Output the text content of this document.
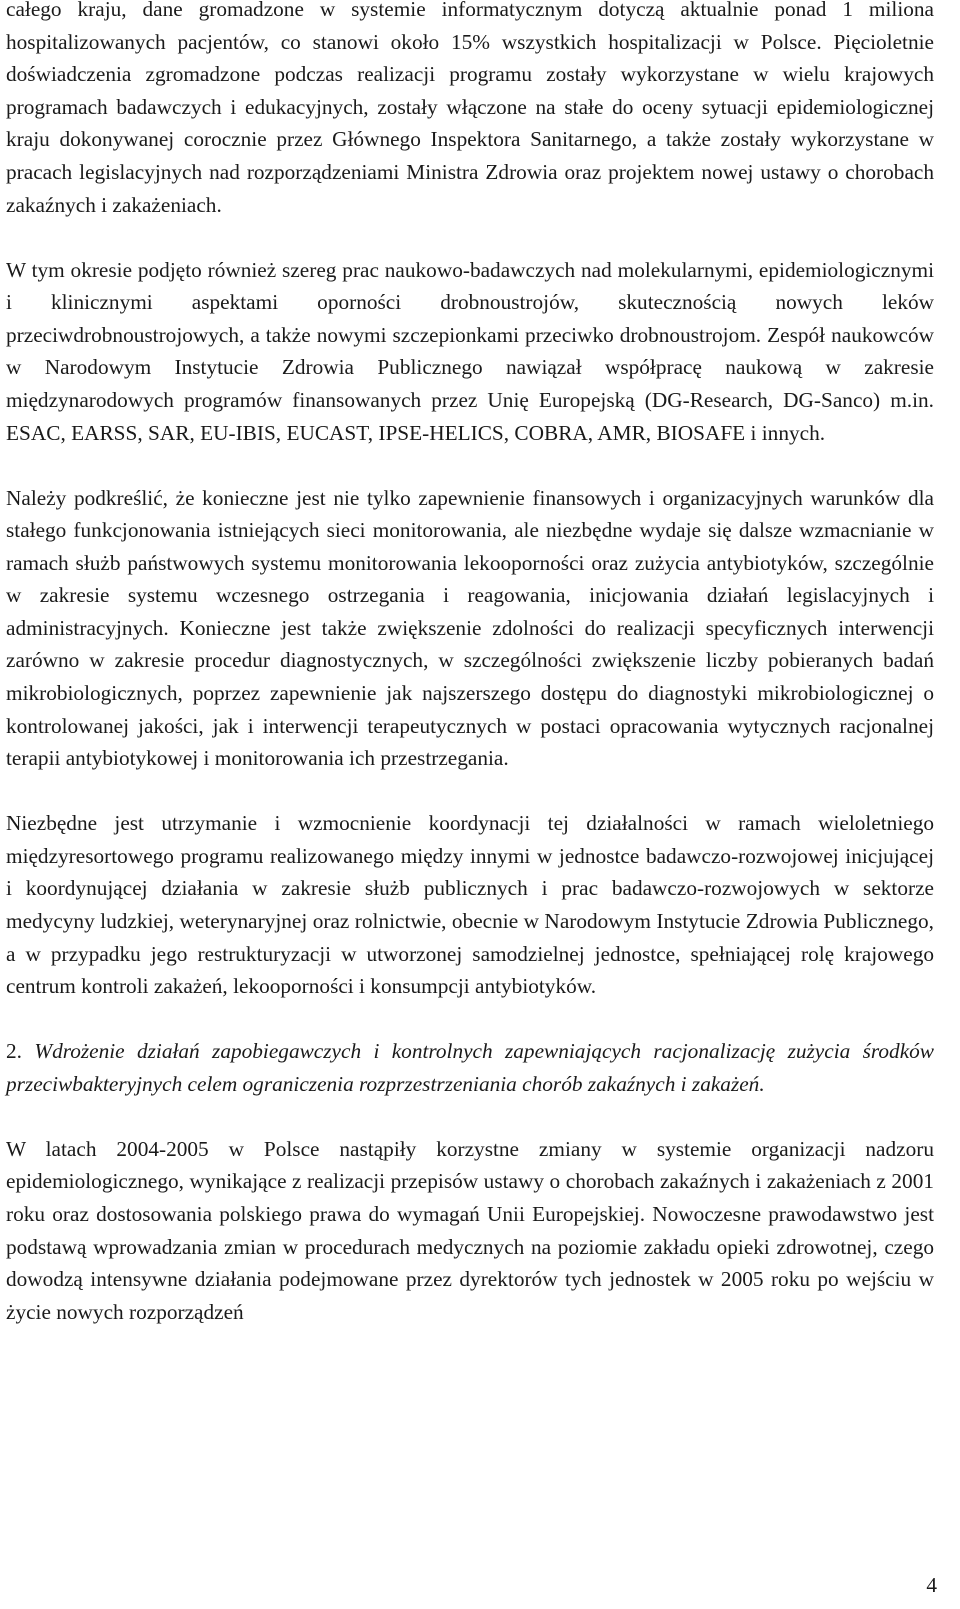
całego kraju, dane gromadzone w systemie informatycznym dotyczą aktualnie ponad 1 miliona hospitalizowanych pacjentów, co stanowi około 15% wszystkich hospitalizacji w Polsce. Pięcioletnie doświadczenia zgromadzone podczas realizacji programu zostały wykorzystane w wielu krajowych programach badawczych i edukacyjnych, zostały włączone na stałe do oceny sytuacji epidemiologicznej kraju dokonywanej corocznie przez Głównego Inspektora Sanitarnego, a także zostały wykorzystane w pracach legislacyjnych nad rozporządzeniami Ministra Zdrowia oraz projektem nowej ustawy o chorobach zakaźnych i zakażeniach.

W tym okresie podjęto również szereg prac naukowo-badawczych nad molekularnymi, epidemiologicznymi i klinicznymi aspektami oporności drobnoustrojów, skutecznością nowych leków przeciwdrobnoustrojowych, a także nowymi szczepionkami przeciwko drobnoustrojom. Zespół naukowców w Narodowym Instytucie Zdrowia Publicznego nawiązał współpracę naukową w zakresie międzynarodowych programów finansowanych przez Unię Europejską (DG-Research, DG-Sanco) m.in. ESAC, EARSS, SAR, EU-IBIS, EUCAST, IPSE-HELICS, COBRA, AMR, BIOSAFE i innych.

Należy podkreślić, że konieczne jest nie tylko zapewnienie finansowych i organizacyjnych warunków dla stałego funkcjonowania istniejących sieci monitorowania, ale niezbędne wydaje się dalsze wzmacnianie w ramach służb państwowych systemu monitorowania lekooporności oraz zużycia antybiotyków, szczególnie w zakresie systemu wczesnego ostrzegania i reagowania, inicjowania działań legislacyjnych i administracyjnych. Konieczne jest także zwiększenie zdolności do realizacji specyficznych interwencji zarówno w zakresie procedur diagnostycznych, w szczególności zwiększenie liczby pobieranych badań mikrobiologicznych, poprzez zapewnienie jak najszerszego dostępu do diagnostyki mikrobiologicznej o kontrolowanej jakości, jak i interwencji terapeutycznych w postaci opracowania wytycznych racjonalnej terapii antybiotykowej i monitorowania ich przestrzegania.

Niezbędne jest utrzymanie i wzmocnienie koordynacji tej działalności w ramach wieloletniego międzyresortowego programu realizowanego między innymi w jednostce badawczo-rozwojowej inicjującej i koordynującej działania w zakresie służb publicznych i prac badawczo-rozwojowych w sektorze medycyny ludzkiej, weterynaryjnej oraz rolnictwie, obecnie w Narodowym Instytucie Zdrowia Publicznego, a w przypadku jego restrukturyzacji w utworzonej samodzielnej jednostce, spełniającej rolę krajowego centrum kontroli zakażeń, lekooporności i konsumpcji antybiotyków.

2. Wdrożenie działań zapobiegawczych i kontrolnych zapewniających racjonalizację zużycia środków przeciwbakteryjnych celem ograniczenia rozprzestrzeniania chorób zakaźnych i zakażeń.

W latach 2004-2005 w Polsce nastąpiły korzystne zmiany w systemie organizacji nadzoru epidemiologicznego, wynikające z realizacji przepisów ustawy o chorobach zakaźnych i zakażeniach z 2001 roku oraz dostosowania polskiego prawa do wymagań Unii Europejskiej. Nowoczesne prawodawstwo jest podstawą wprowadzania zmian w procedurach medycznych na poziomie zakładu opieki zdrowotnej, czego dowodzą intensywne działania podejmowane przez dyrektorów tych jednostek w 2005 roku po wejściu w życie nowych rozporządzeń

4
